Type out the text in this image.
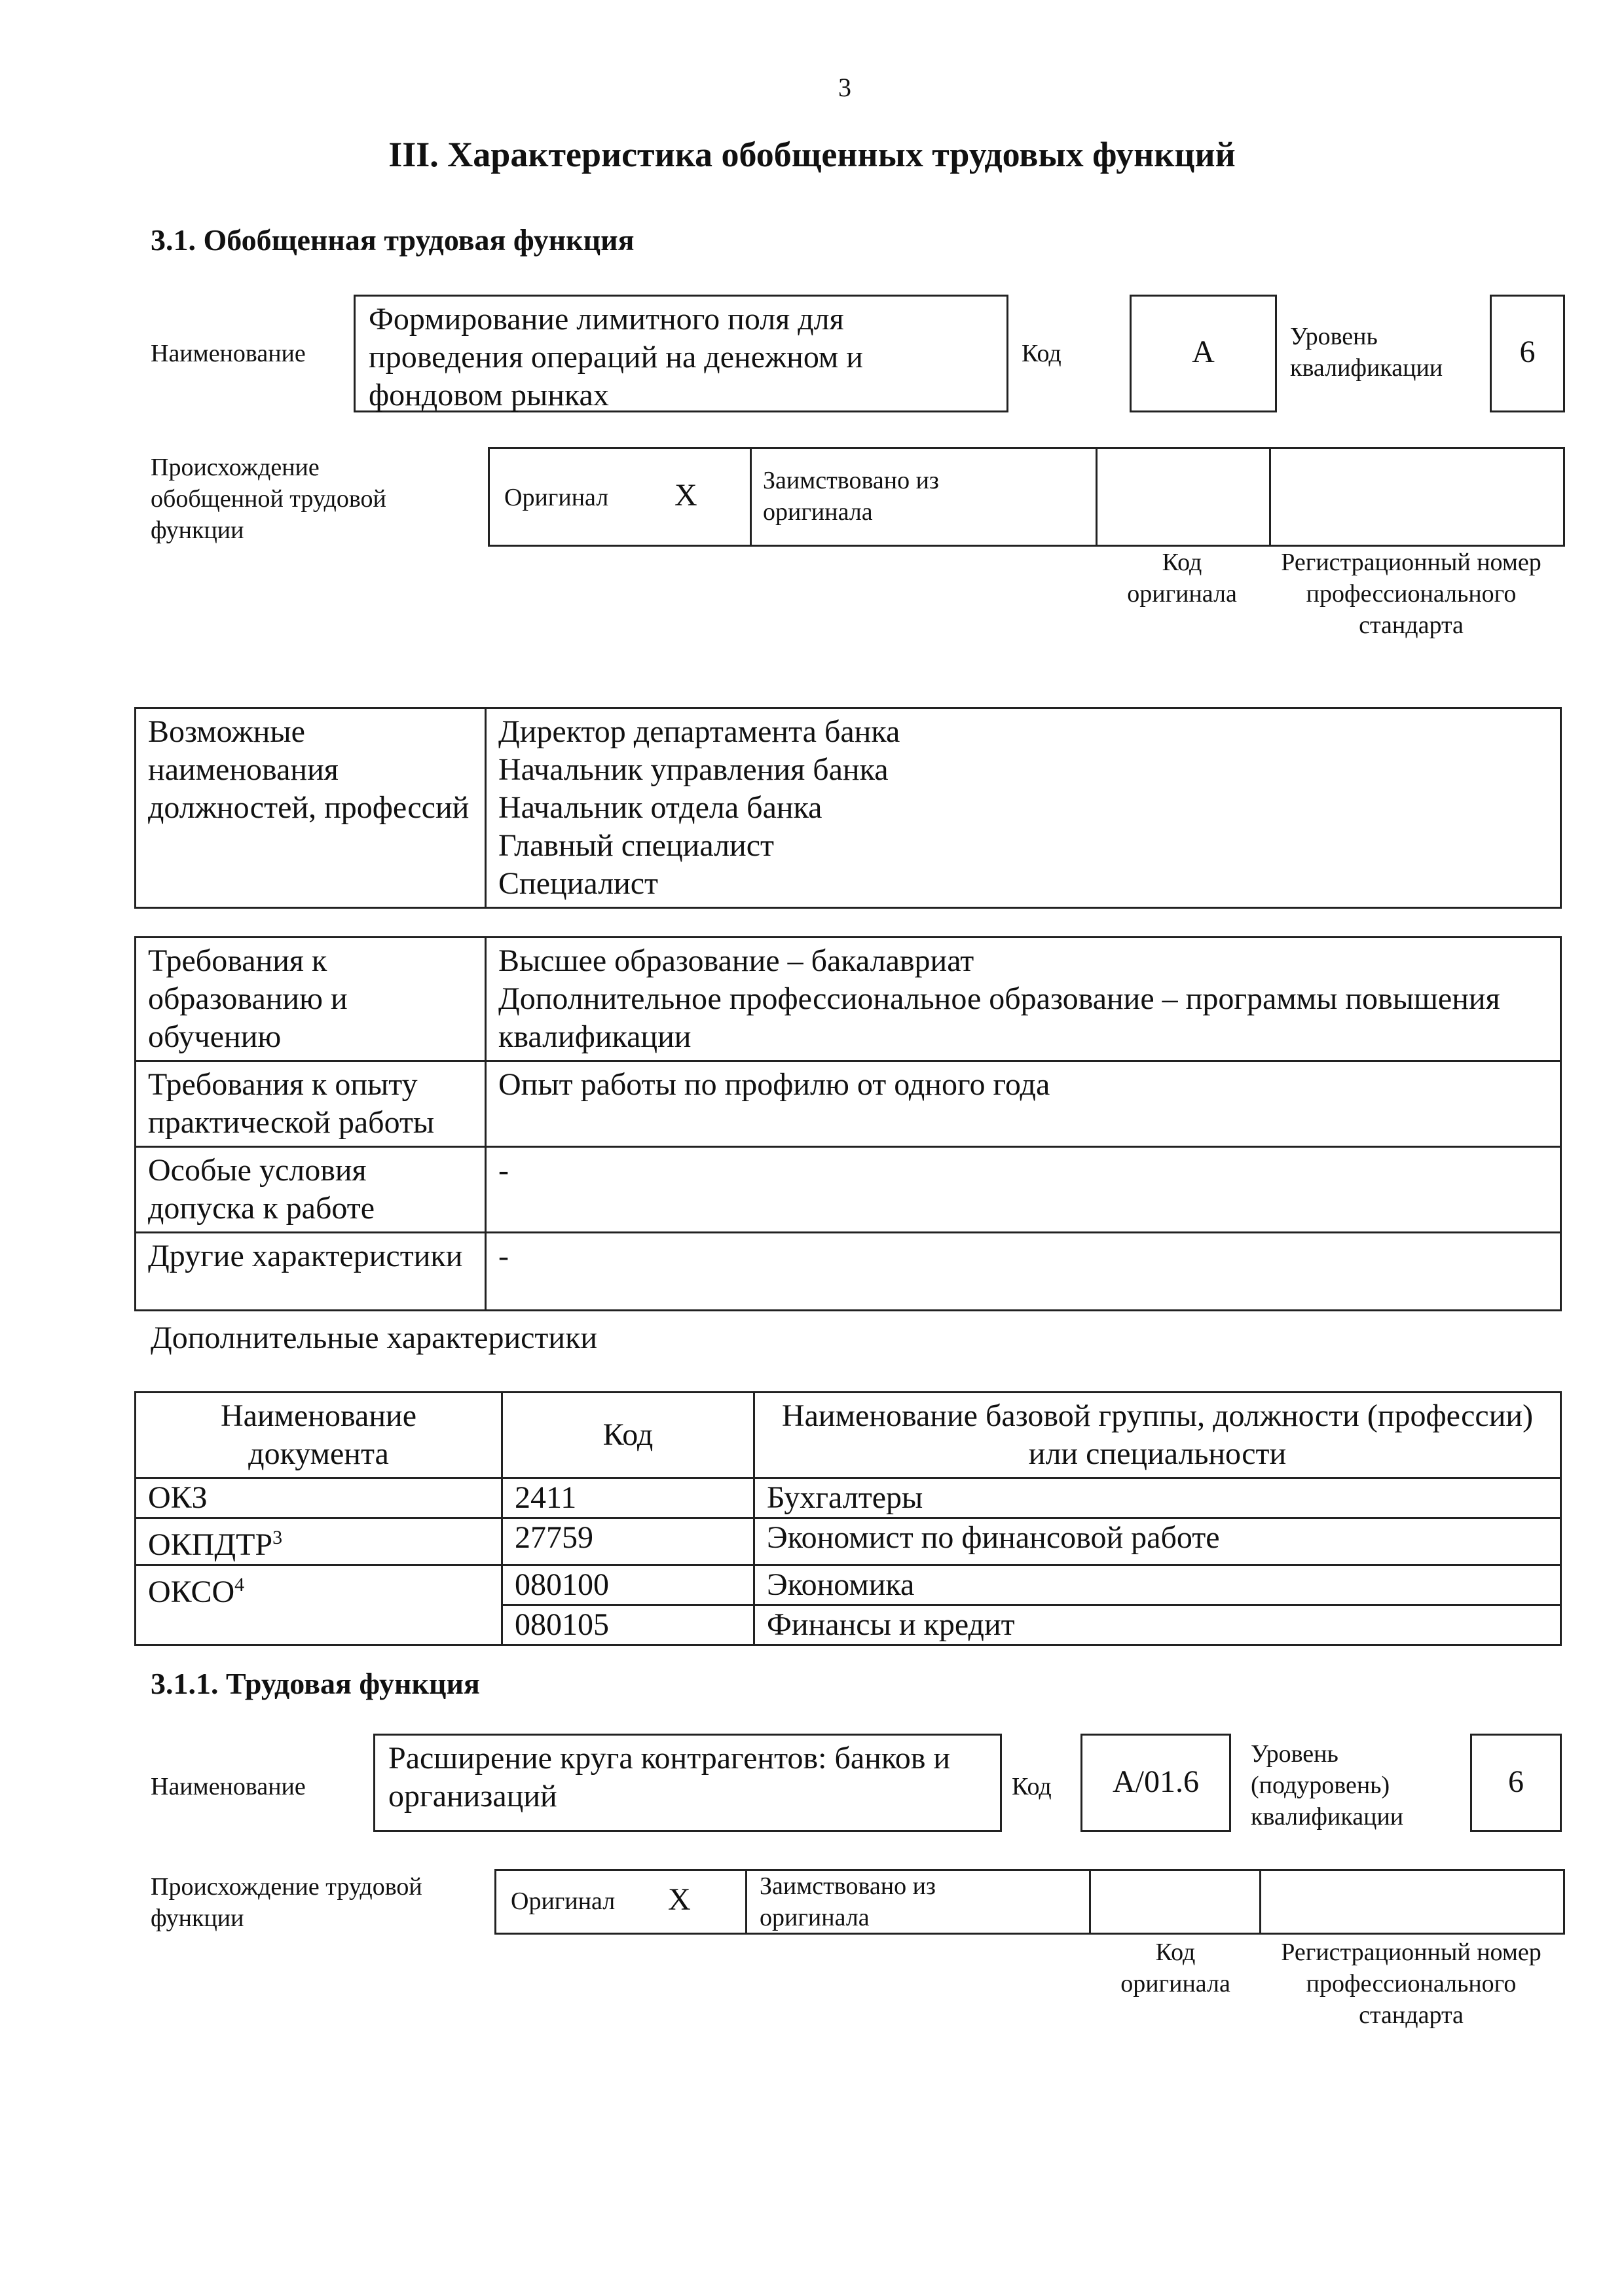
3
III. Характеристика обобщенных трудовых функций
3.1. Обобщенная трудовая функция
Наименование
Формирование лимитного поля для проведения операций на денежном и фондовом рынках
Код	А	Уровень квалификации	6
Происхождение обобщенной трудовой функции
Оригинал X	Заимствовано из оригинала
Код оригинала
Регистрационный номер профессионального стандарта
Возможные наименования должностей, профессий	
Директор департамента банка
Начальник управления банка
Начальник отдела банка
Главный специалист
Специалист
Требования к образованию и обучению	Высшее образование – бакалавриат
Дополнительное профессиональное образование – программы повышения квалификации
Требования к опыту практической работы	Опыт работы по профилю от одного года
Особые условия допуска к работе	-
Другие характеристики	-
Дополнительные характеристики
Наименование документа	Код	Наименование базовой группы, должности (профессии) или специальности
ОКЗ	2411	Бухгалтеры
ОКПДТР$^3$	27759	Экономист по финансовой работе
ОКСО$^4$	080100	Экономика
	080105	Финансы и кредит
3.1.1. Трудовая функция
Наименование
Расширение круга контрагентов: банков и организаций	Код	A/01.6
Уровень (подуровень) квалификации
6
Происхождение трудовой функции
Оригинал X	Заимствовано из оригинала
Код оригинала
Регистрационный номер профессионального стандарта
